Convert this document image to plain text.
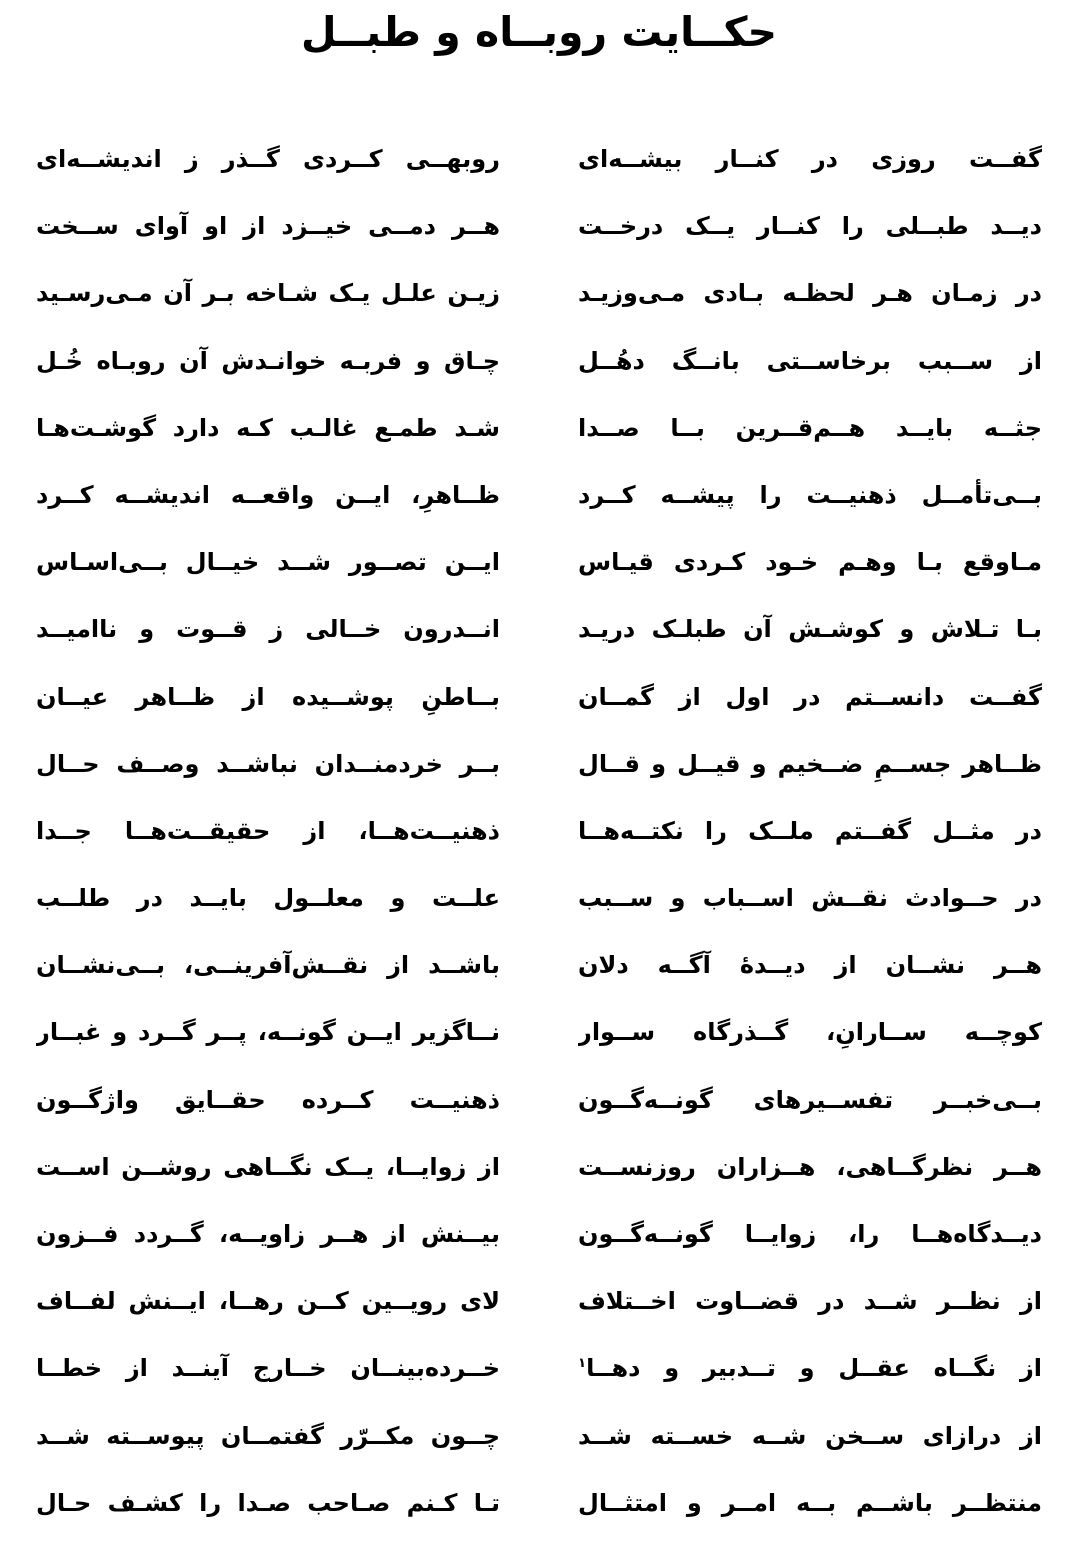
حکــایت روبــاه و طبــل

گفــت روزی در کنــار بیشــه‌ای

روبهــی کــردی گــذر ز اندیشــه‌ای

دیــد طبــلی را کنــار یــک درخــت

هــر دمــی خیــزد از او آوای ســخت

در زمـان هـر لحظـه بـادی مـی‌وزیـد

زیـن علـل یـک شـاخه بـر آن مـی‌رسـید

از ســبب برخاســتی بانــگ دهُــل

چـاق و فربـه خوانـدش آن روبـاه خُـل

جثــه بایــد هــم‌قــرین بــا صــدا

شـد طمـع غالـب کـه دارد گوشـت‌هـا

بــی‌تأمــل ذهنیــت را پیشــه کــرد

ظــاهرِ، ایــن واقعــه اندیشــه کــرد

مـاوقع بـا وهـم خـود کـردی قیـاس

ایــن تصــور شــد خیــال بــی‌اسـاس

بـا تـلاش و کوشـش آن طبلـک دریـد

انــدرون خــالی ز قــوت و ناامیــد

گفــت دانســتم در اول از گمــان

بــاطنِ پوشــیده از ظــاهر عیــان

ظــاهر جســمِ ضــخیم و قیــل و قــال

بــر خردمنــدان نباشــد وصــف حــال

در مثــل گفــتم ملــک را نکتــه‌هــا

ذهنیــت‌هــا، از حقیقــت‌هــا جــدا

در حــوادث نقــش اســباب و ســبب

علــت و معلــول بایــد در طلــب

هــر نشــان از دیــدهٔ آگــه دلان

باشــد از نقــش‌آفرینــی، بــی‌نشــان

کوچــه ســارانِ، گــذرگاه ســوار

نــاگزیر ایــن گونــه، پــر گــرد و غبــار

بــی‌خبــر تفســیرهای گونــه‌گــون

ذهنیــت کــرده حقــایق واژگــون

هــر نظرگــاهی، هــزاران روزنســت

از زوایــا، یــک نگــاهی روشــن اســت

دیــدگاه‌هــا را، زوایــا گونــه‌گــون

بیــنش از هــر زاویــه، گــردد فــزون

از نظــر شــد در قضــاوت اخــتلاف

لای رویــین کــن رهــا، ایــنش لفــاف

از نگــاه عقــل و تــدبیر و دهــا$^۱$

خــرده‌بینــان خــارج آینــد از خطــا

از درازای ســخن شــه خســته شــد

چــون مکــرّر گفتمــان پیوســته شــد

منتظــر باشــم بــه امــر و امتثــال

تـا کـنم صـاحب صـدا را کشـف حـال
